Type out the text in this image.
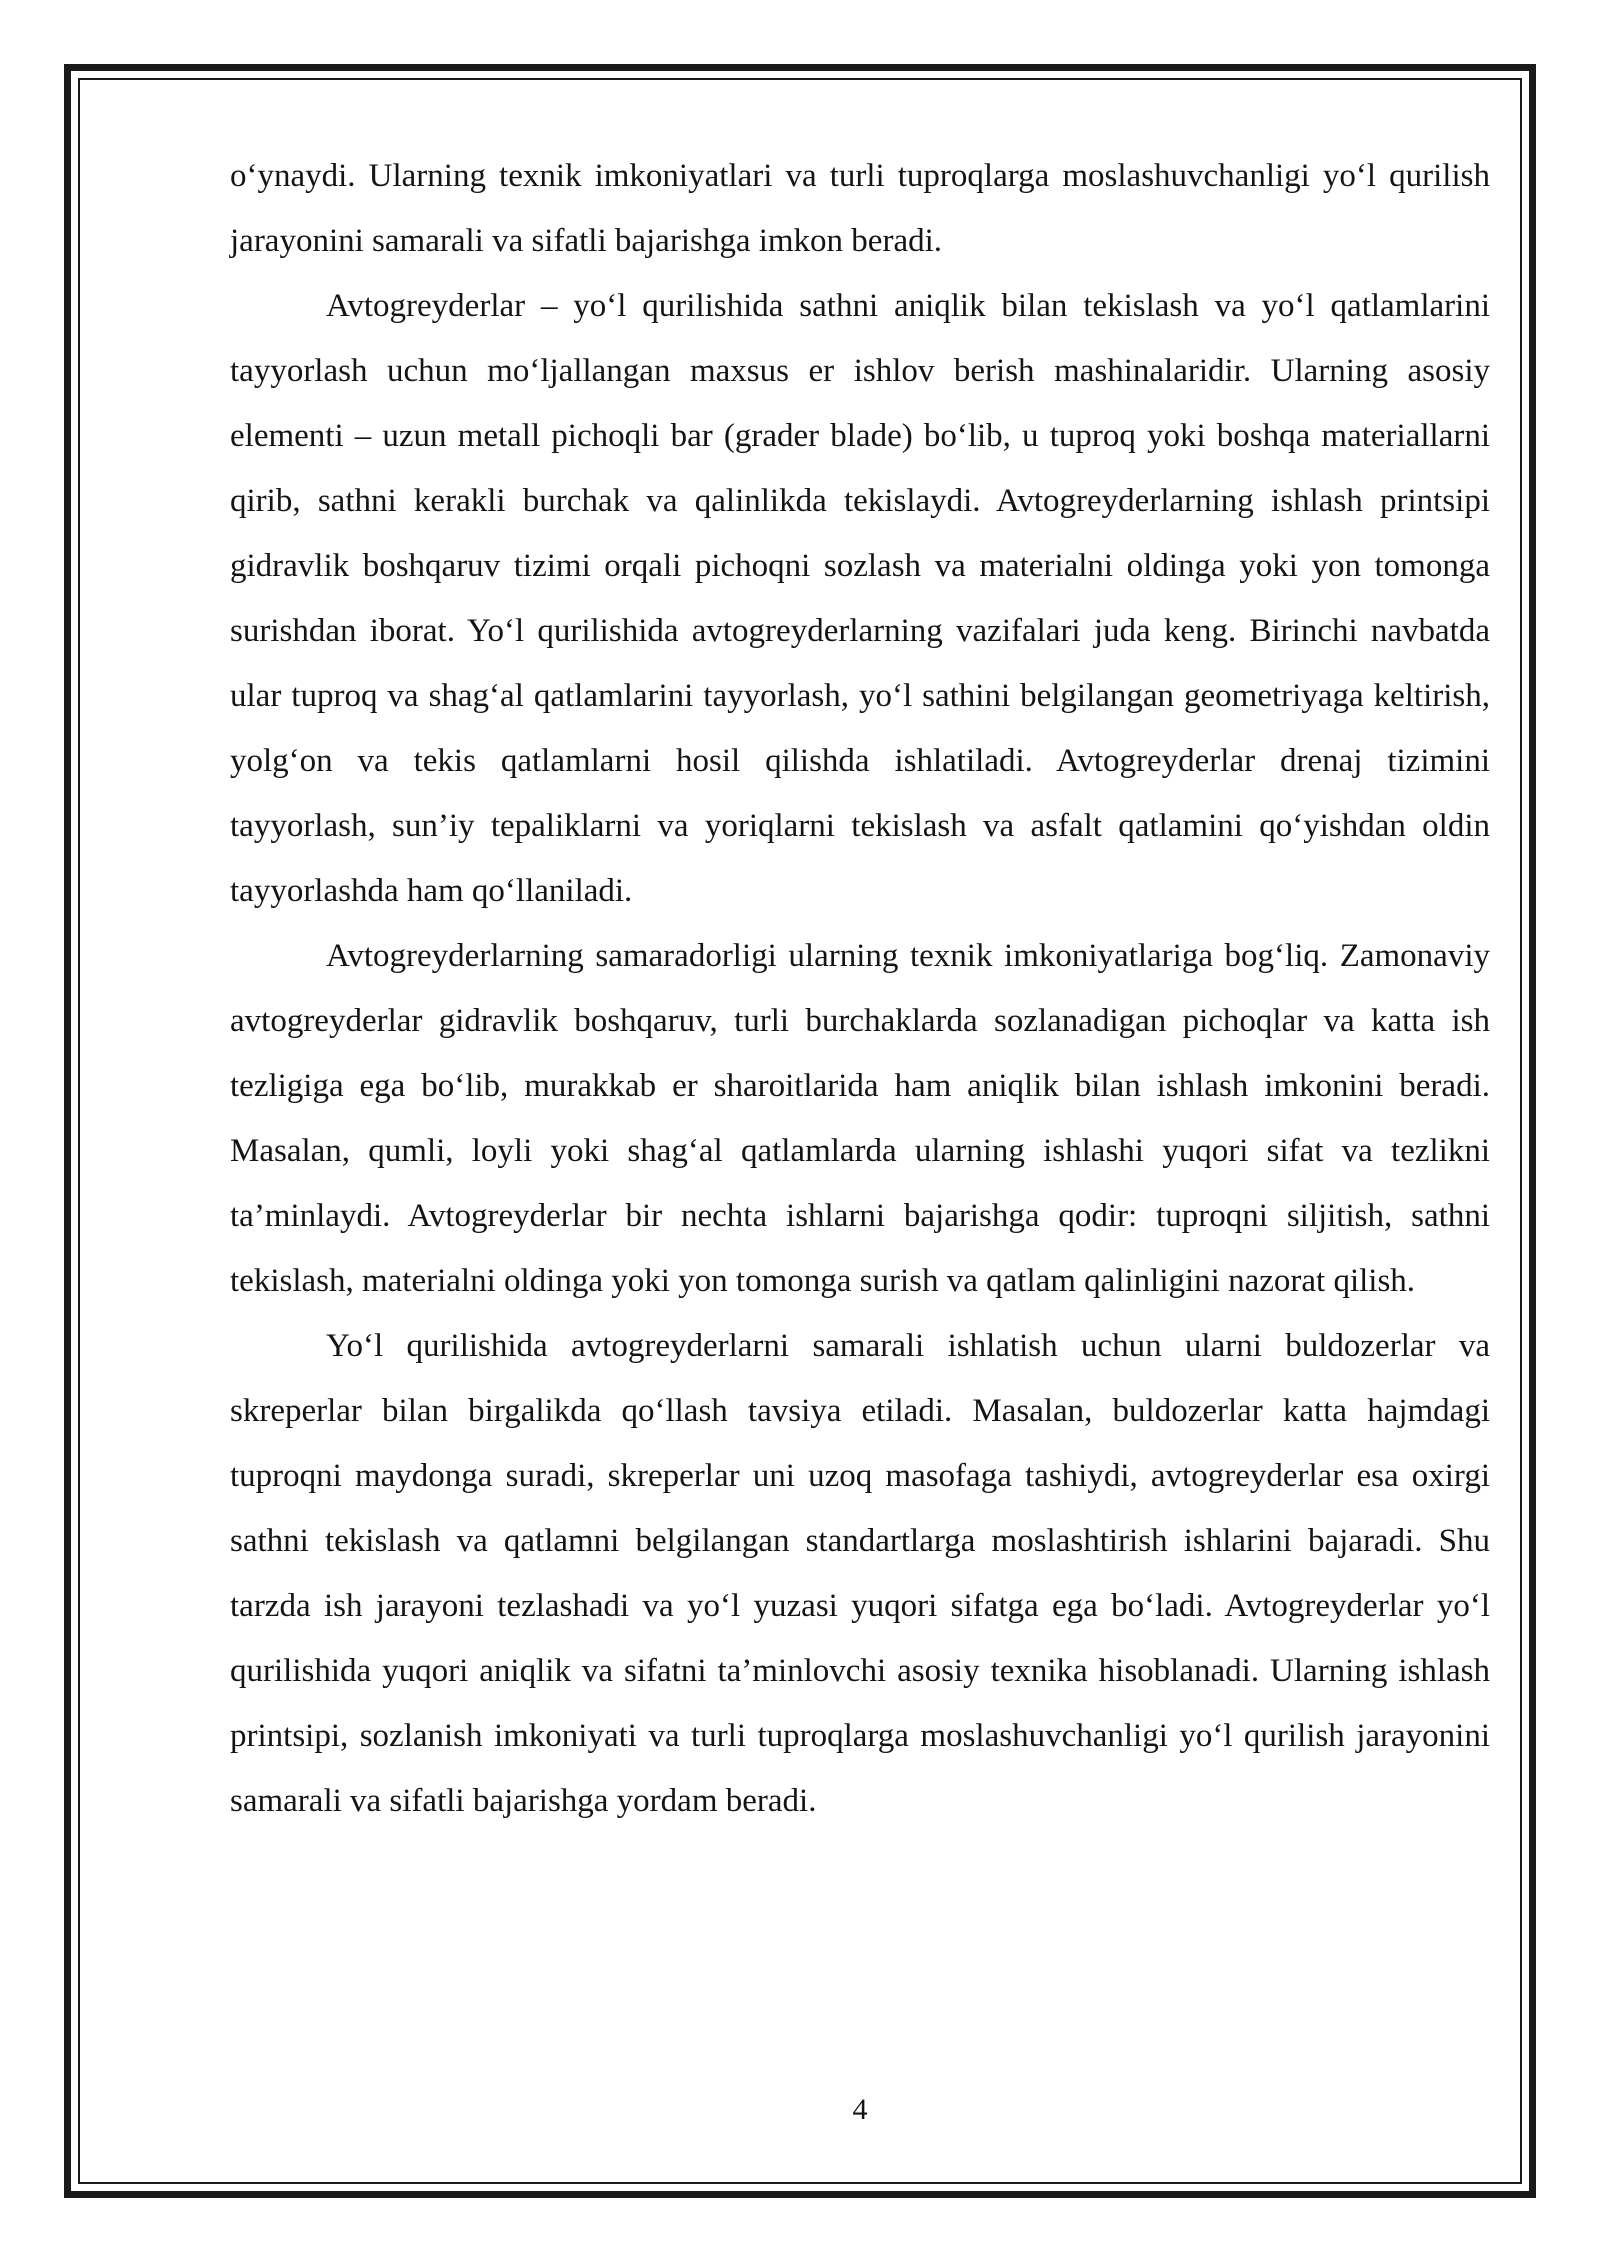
o‘ynaydi. Ularning texnik imkoniyatlari va turli tuproqlarga moslashuvchanligi yo‘l qurilish jarayonini samarali va sifatli bajarishga imkon beradi.

Avtogreyderlar – yo‘l qurilishida sathni aniqlik bilan tekislash va yo‘l qatlamlarini tayyorlash uchun mo‘ljallangan maxsus er ishlov berish mashinalaridir. Ularning asosiy elementi – uzun metall pichoqli bar (grader blade) bo‘lib, u tuproq yoki boshqa materiallarni qirib, sathni kerakli burchak va qalinlikda tekislaydi. Avtogreyderlarning ishlash printsipi gidravlik boshqaruv tizimi orqali pichoqni sozlash va materialni oldinga yoki yon tomonga surishdan iborat. Yo‘l qurilishida avtogreyderlarning vazifalari juda keng. Birinchi navbatda ular tuproq va shag‘al qatlamlarini tayyorlash, yo‘l sathini belgilangan geometriyaga keltirish, yolg‘on va tekis qatlamlarni hosil qilishda ishlatiladi. Avtogreyderlar drenaj tizimini tayyorlash, sun’iy tepaliklarni va yoriqlarni tekislash va asfalt qatlamini qo‘yishdan oldin tayyorlashda ham qo‘llaniladi.

Avtogreyderlarning samaradorligi ularning texnik imkoniyatlariga bog‘liq. Zamonaviy avtogreyderlar gidravlik boshqaruv, turli burchaklarda sozlanadigan pichoqlar va katta ish tezligiga ega bo‘lib, murakkab er sharoitlarida ham aniqlik bilan ishlash imkonini beradi. Masalan, qumli, loyli yoki shag‘al qatlamlarda ularning ishlashi yuqori sifat va tezlikni ta’minlaydi. Avtogreyderlar bir nechta ishlarni bajarishga qodir: tuproqni siljitish, sathni tekislash, materialni oldinga yoki yon tomonga surish va qatlam qalinligini nazorat qilish.

Yo‘l qurilishida avtogreyderlarni samarali ishlatish uchun ularni buldozerlar va skreperlar bilan birgalikda qo‘llash tavsiya etiladi. Masalan, buldozerlar katta hajmdagi tuproqni maydonga suradi, skreperlar uni uzoq masofaga tashiydi, avtogreyderlar esa oxirgi sathni tekislash va qatlamni belgilangan standartlarga moslashtirish ishlarini bajaradi. Shu tarzda ish jarayoni tezlashadi va yo‘l yuzasi yuqori sifatga ega bo‘ladi. Avtogreyderlar yo‘l qurilishida yuqori aniqlik va sifatni ta’minlovchi asosiy texnika hisoblanadi. Ularning ishlash printsipi, sozlanish imkoniyati va turli tuproqlarga moslashuvchanligi yo‘l qurilish jarayonini samarali va sifatli bajarishga yordam beradi.

4
